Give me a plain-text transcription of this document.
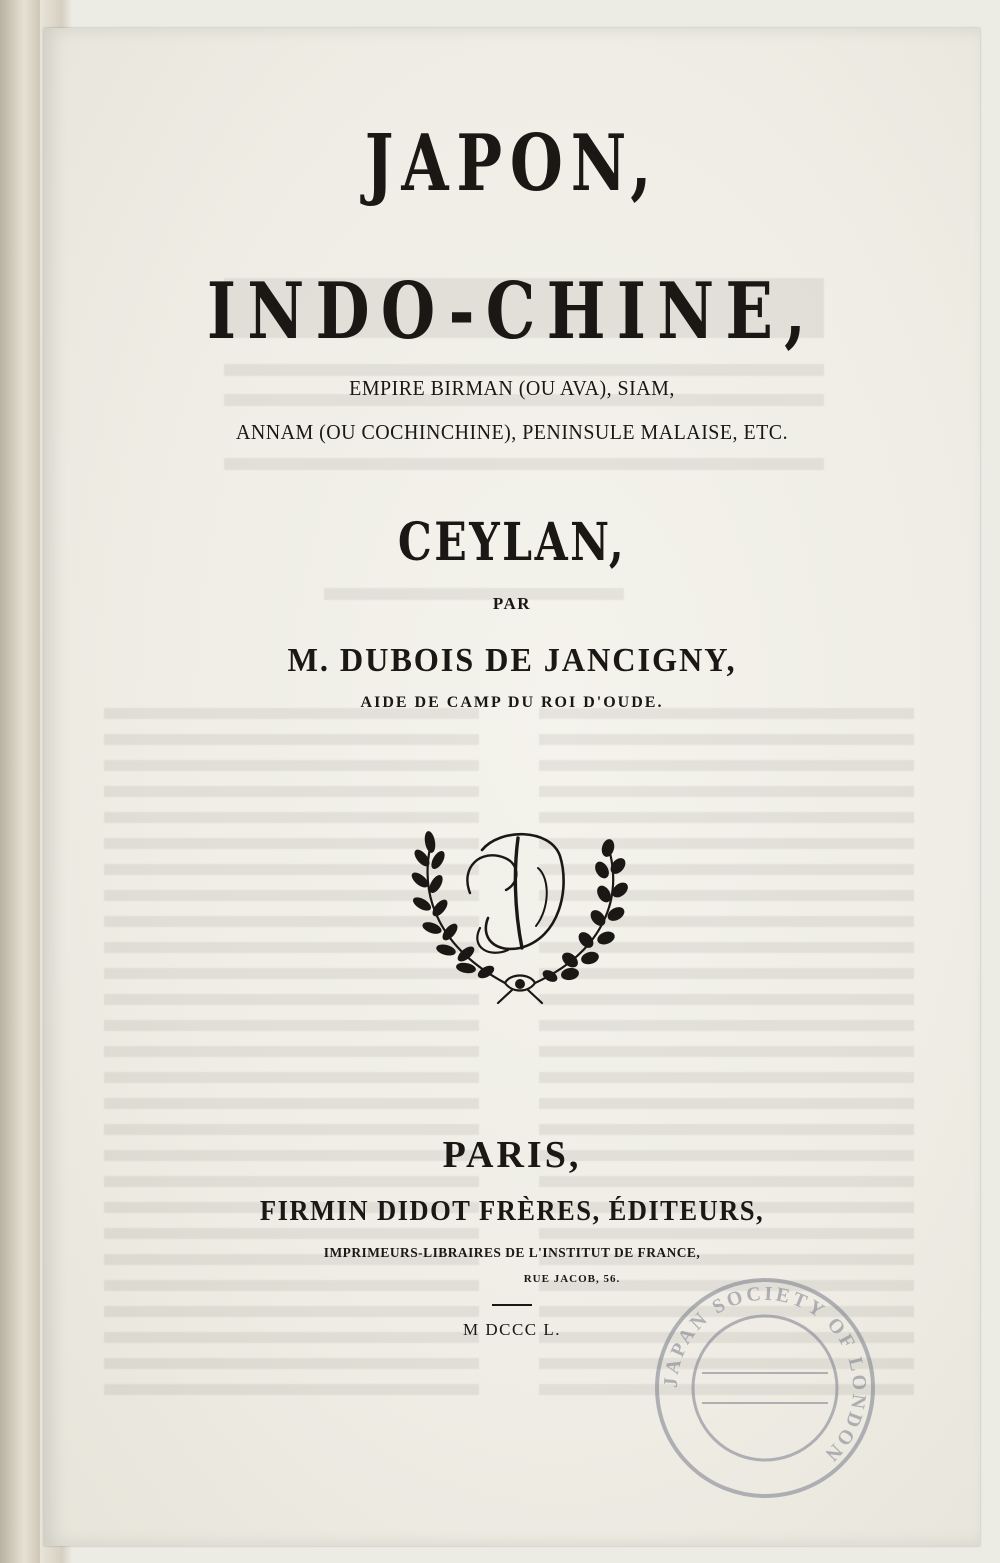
JAPON,
INDO-CHINE,
EMPIRE BIRMAN (OU AVA), SIAM,
ANNAM (OU COCHINCHINE), PENINSULE MALAISE, ETC.
CEYLAN,
PAR
M. DUBOIS DE JANCIGNY,
AIDE DE CAMP DU ROI D'OUDE.
PARIS,
FIRMIN DIDOT FRÈRES, ÉDITEURS,
IMPRIMEURS-LIBRAIRES DE L'INSTITUT DE FRANCE,
RUE JACOB, 56.
M DCCC L.
JAPAN SOCIETY OF LONDON
